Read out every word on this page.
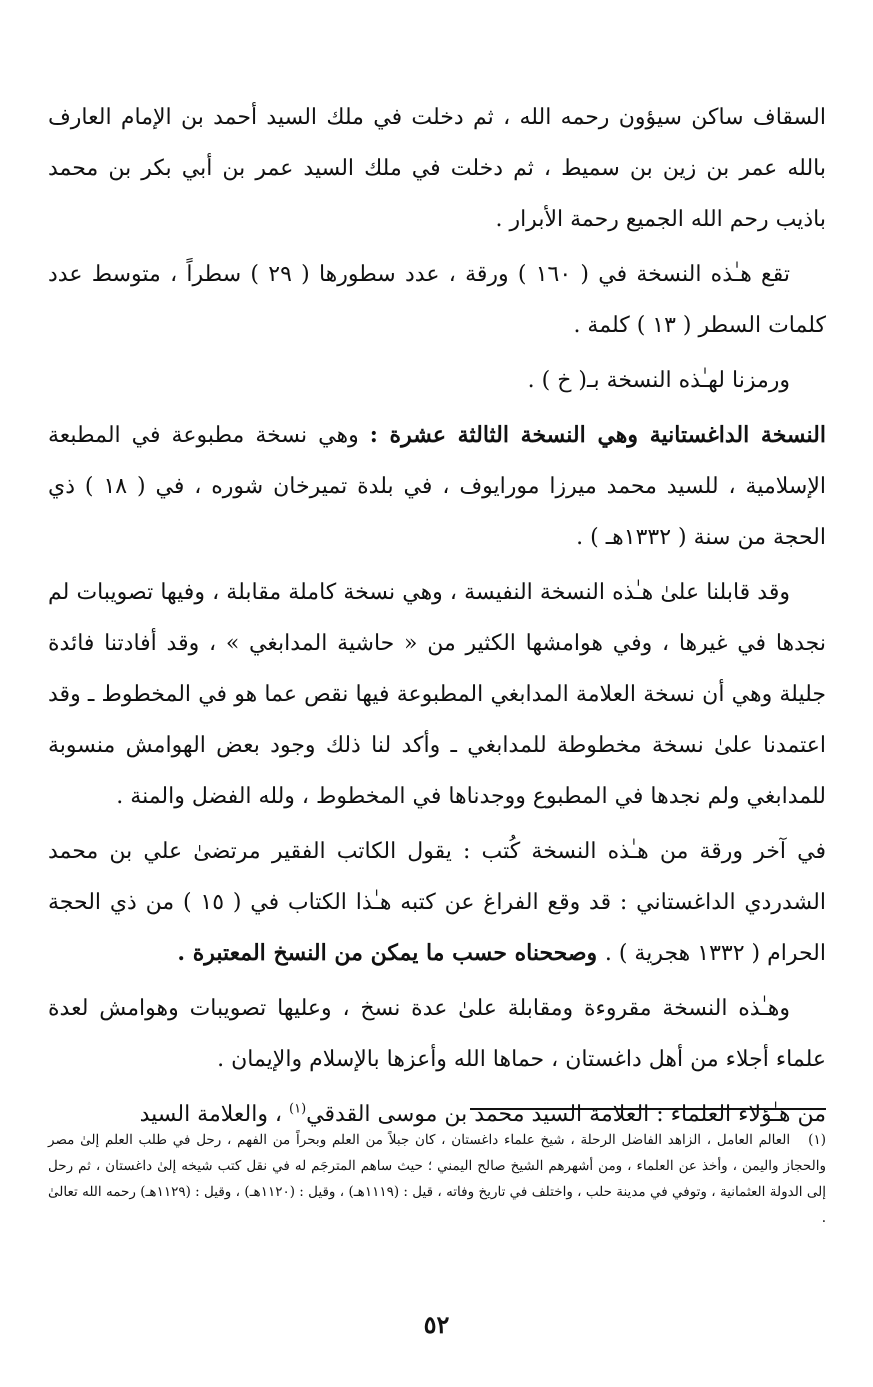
السقاف ساكن سيؤون رحمه الله ، ثم دخلت في ملك السيد أحمد بن الإمام العارف بالله عمر بن زين بن سميط ، ثم دخلت في ملك السيد عمر بن أبي بكر بن محمد باذيب رحم الله الجميع رحمة الأبرار .

تقع هـٰذه النسخة في ( ١٦٠ ) ورقة ، عدد سطورها ( ٢٩ ) سطراً ، متوسط عدد كلمات السطر ( ١٣ ) كلمة .

ورمزنا لهـٰذه النسخة بـ( خ ) .

النسخة الداغستانية وهي النسخة الثالثة عشرة : وهي نسخة مطبوعة في المطبعة الإسلامية ، للسيد محمد ميرزا مورايوف ، في بلدة تميرخان شوره ، في ( ١٨ ) ذي الحجة من سنة ( ١٣٣٢هـ ) .

وقد قابلنا علىٰ هـٰذه النسخة النفيسة ، وهي نسخة كاملة مقابلة ، وفيها تصويبات لم نجدها في غيرها ، وفي هوامشها الكثير من « حاشية المدابغي » ، وقد أفادتنا فائدة جليلة وهي أن نسخة العلامة المدابغي المطبوعة فيها نقص عما هو في المخطوط ـ وقد اعتمدنا علىٰ نسخة مخطوطة للمدابغي ـ وأكد لنا ذلك وجود بعض الهوامش منسوبة للمدابغي ولم نجدها في المطبوع ووجدناها في المخطوط ، ولله الفضل والمنة .

في آخر ورقة من هـٰذه النسخة كُتب : يقول الكاتب الفقير مرتضىٰ علي بن محمد الشدردي الداغستاني : قد وقع الفراغ عن كتبه هـٰذا الكتاب في ( ١٥ ) من ذي الحجة الحرام ( ١٣٣٢ هجرية ) . وصححناه حسب ما يمكن من النسخ المعتبرة .

وهـٰذه النسخة مقروءة ومقابلة علىٰ عدة نسخ ، وعليها تصويبات وهوامش لعدة علماء أجلاء من أهل داغستان ، حماها الله وأعزها بالإسلام والإيمان .

من هـٰؤلاء العلماء : العلامة السيد محمد بن موسى القدقي$^{(١)}$ ، والعلامة السيد

(١)العالم العامل ، الزاهد الفاضل الرحلة ، شيخ علماء داغستان ، كان جبلاً من العلم وبحراً من الفهم ، رحل في طلب العلم إلىٰ مصر والحجاز واليمن ، وأخذ عن العلماء ، ومن أشهرهم الشيخ صالح اليمني ؛ حيث ساهم المترجَم له في نقل كتب شيخه إلىٰ داغستان ، ثم رحل إلى الدولة العثمانية ، وتوفي في مدينة حلب ، واختلف في تاريخ وفاته ، قيل : (١١١٩هـ) ، وقيل : (١١٢٠هـ) ، وقيل : (١١٢٩هـ) رحمه الله تعالىٰ .
٥٢
